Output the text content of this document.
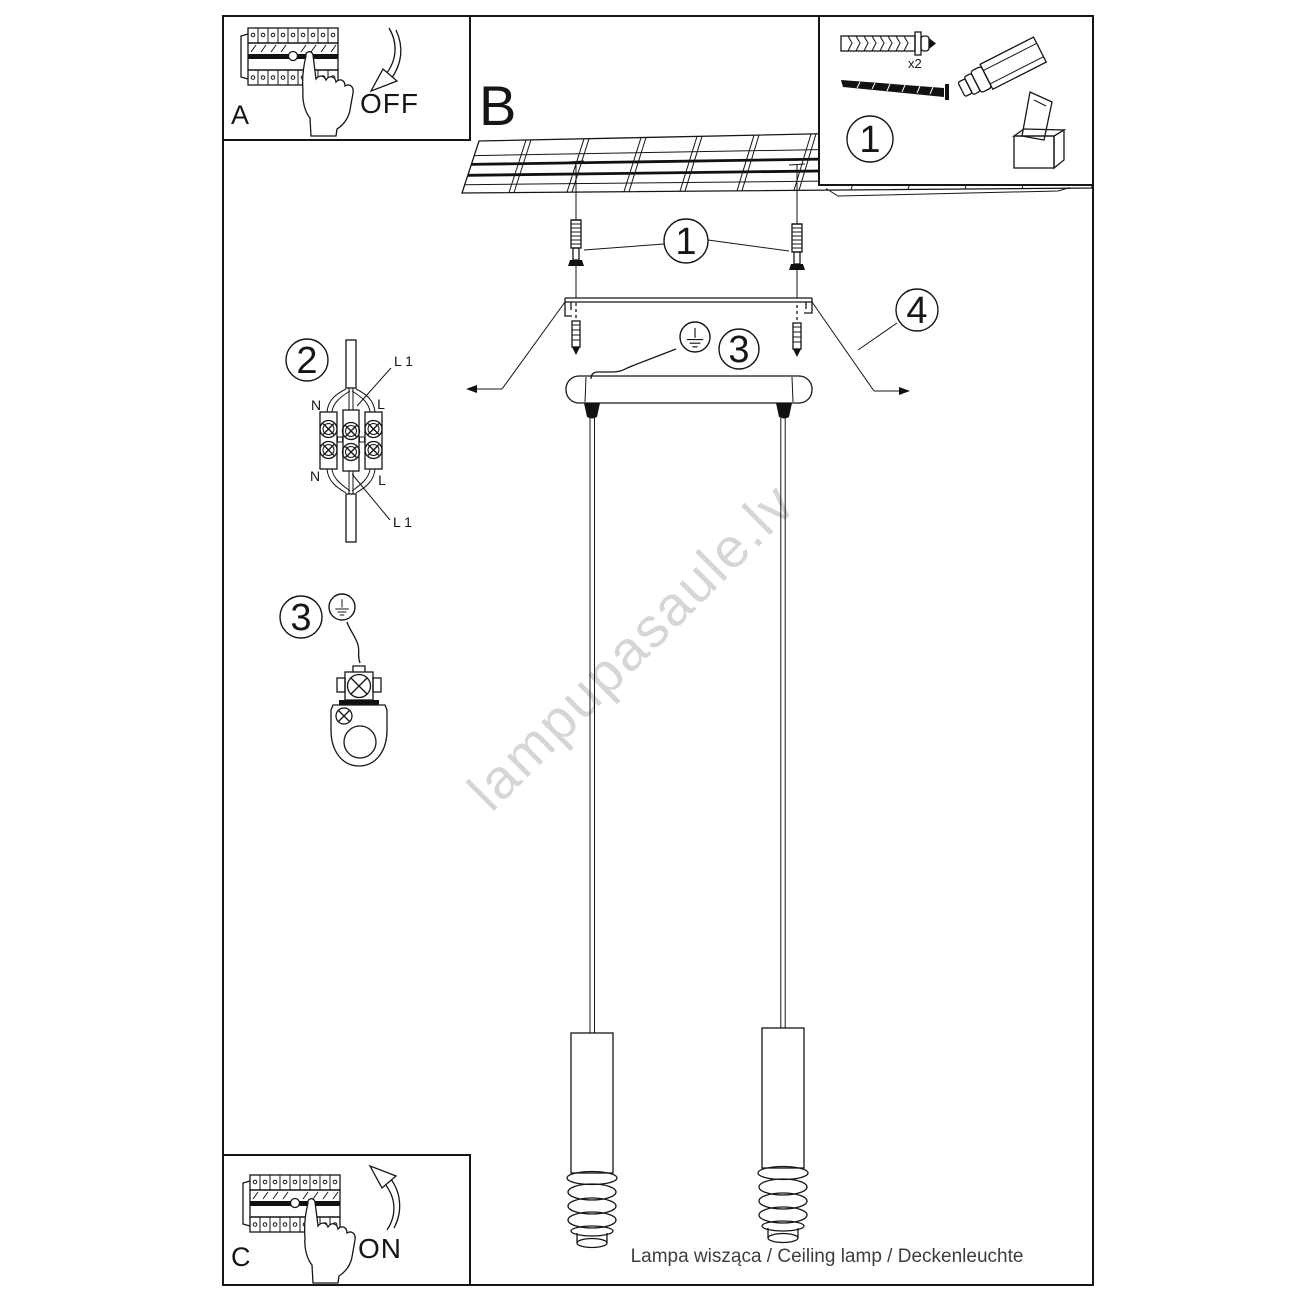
lampupasaule.lv
A	OFF B
x2
1
1
3
4
2
N	L
N	L
L 1
L 1
3
C	ON	Lampa wisząca / Ceiling lamp / Deckenleuchte
